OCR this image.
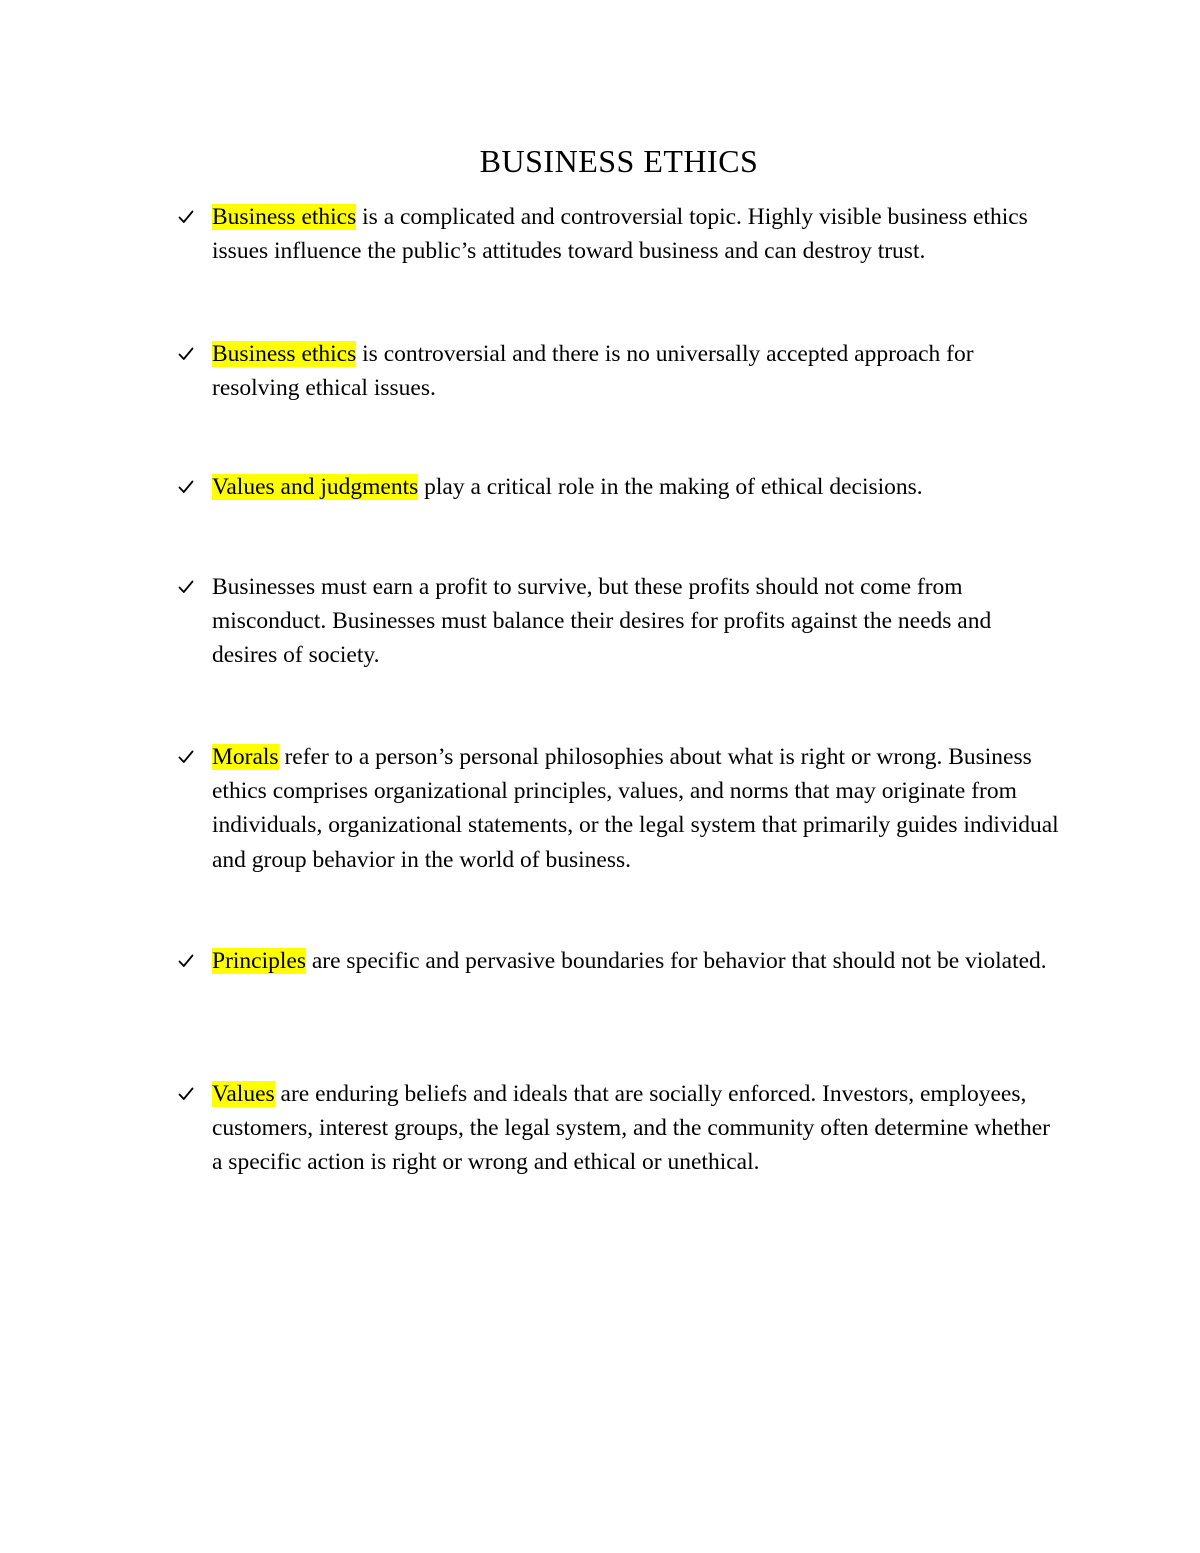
BUSINESS ETHICS
Business ethics is a complicated and controversial topic. Highly visible business ethics issues influence the public’s attitudes toward business and can destroy trust.
Business ethics is controversial and there is no universally accepted approach for resolving ethical issues.
Values and judgments play a critical role in the making of ethical decisions.
Businesses must earn a profit to survive, but these profits should not come from misconduct. Businesses must balance their desires for profits against the needs and desires of society.
Morals refer to a person’s personal philosophies about what is right or wrong. Business ethics comprises organizational principles, values, and norms that may originate from individuals, organizational statements, or the legal system that primarily guides individual and group behavior in the world of business.
Principles are specific and pervasive boundaries for behavior that should not be violated.
Values are enduring beliefs and ideals that are socially enforced. Investors, employees, customers, interest groups, the legal system, and the community often determine whether a specific action is right or wrong and ethical or unethical.
